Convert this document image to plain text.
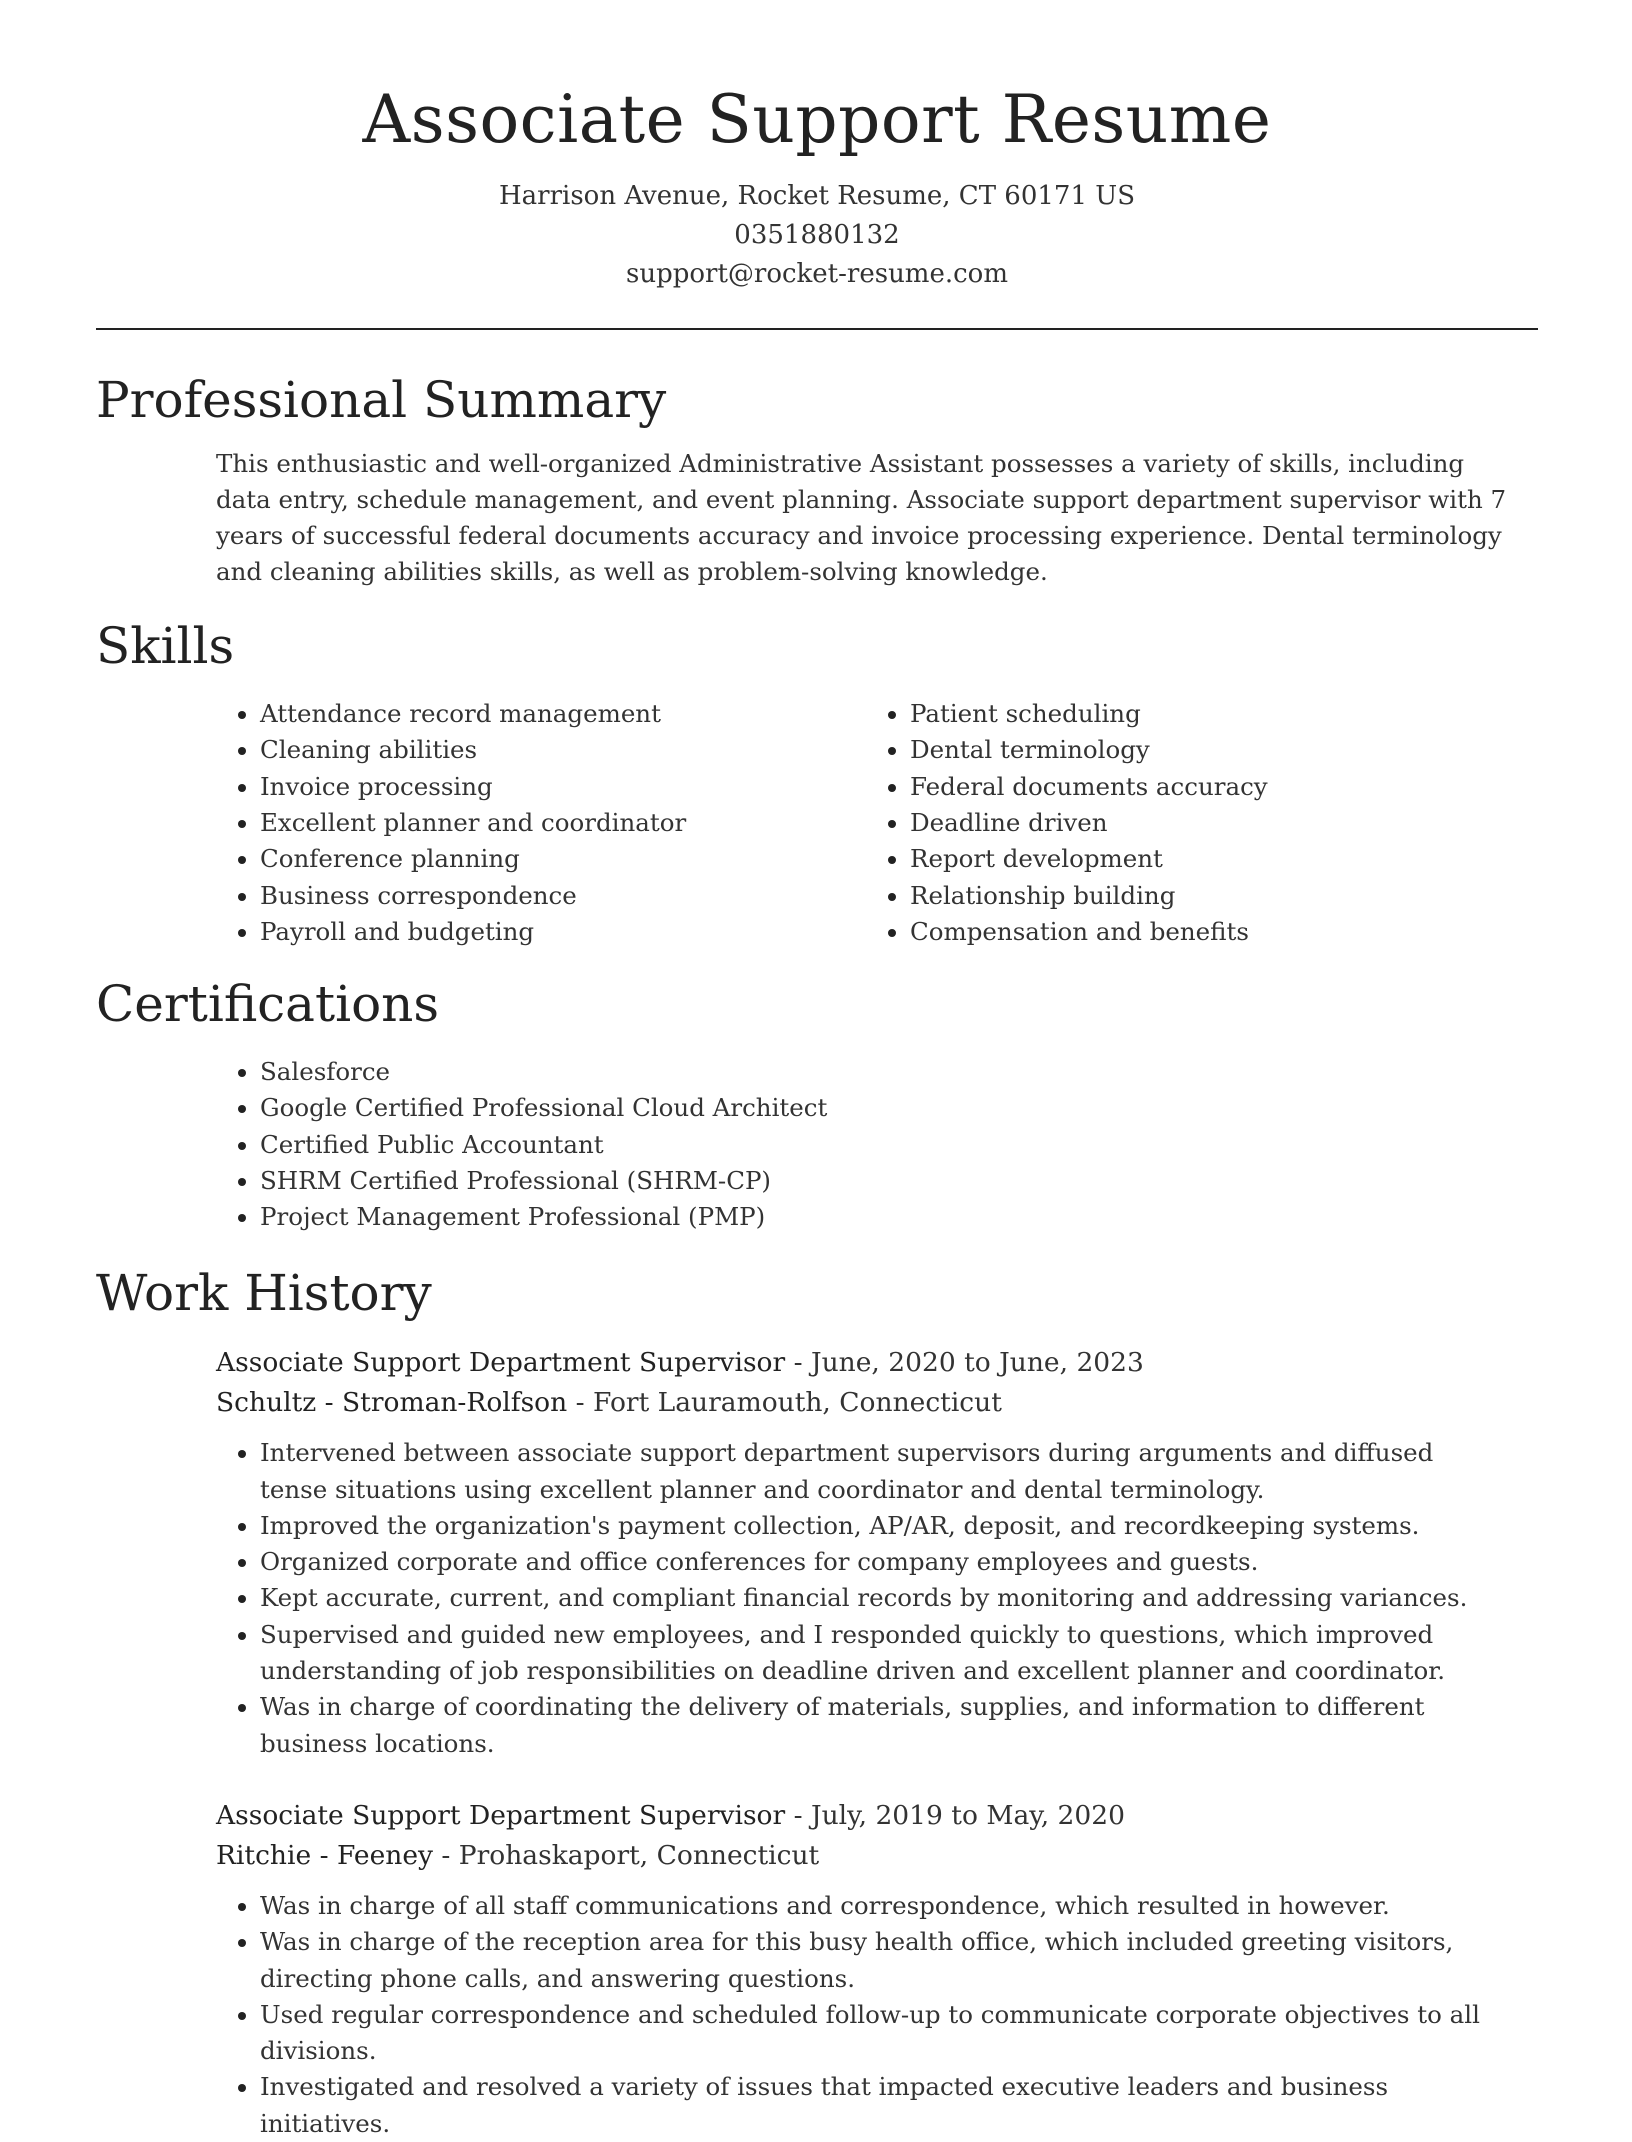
Associate Support Resume
Harrison Avenue, Rocket Resume, CT 60171 US
0351880132
support@rocket-resume.com
Professional Summary

This enthusiastic and well-organized Administrative Assistant possesses a variety of skills, including data entry, schedule management, and event planning. Associate support department supervisor with 7 years of successful federal documents accuracy and invoice processing experience. Dental terminology and cleaning abilities skills, as well as problem-solving knowledge.

Skills
• Attendance record management
• Cleaning abilities
• Invoice processing
• Excellent planner and coordinator
• Conference planning
• Business correspondence
• Payroll and budgeting
• Patient scheduling
• Dental terminology
• Federal documents accuracy
• Deadline driven
• Report development
• Relationship building
• Compensation and benefits
Certifications
• Salesforce
• Google Certified Professional Cloud Architect
• Certified Public Accountant
• SHRM Certified Professional (SHRM-CP)
• Project Management Professional (PMP)
Work History
Associate Support Department Supervisor - June, 2020 to June, 2023
Schultz - Stroman-Rolfson - Fort Lauramouth, Connecticut
• Intervened between associate support department supervisors during arguments and diffused tense situations using excellent planner and coordinator and dental terminology.
• Improved the organization's payment collection, AP/AR, deposit, and recordkeeping systems.
• Organized corporate and office conferences for company employees and guests.
• Kept accurate, current, and compliant financial records by monitoring and addressing variances.
• Supervised and guided new employees, and I responded quickly to questions, which improved understanding of job responsibilities on deadline driven and excellent planner and coordinator.
• Was in charge of coordinating the delivery of materials, supplies, and information to different business locations.
Associate Support Department Supervisor - July, 2019 to May, 2020
Ritchie - Feeney - Prohaskaport, Connecticut
• Was in charge of all staff communications and correspondence, which resulted in however.
• Was in charge of the reception area for this busy health office, which included greeting visitors, directing phone calls, and answering questions.
• Used regular correspondence and scheduled follow-up to communicate corporate objectives to all divisions.
• Investigated and resolved a variety of issues that impacted executive leaders and business initiatives.
